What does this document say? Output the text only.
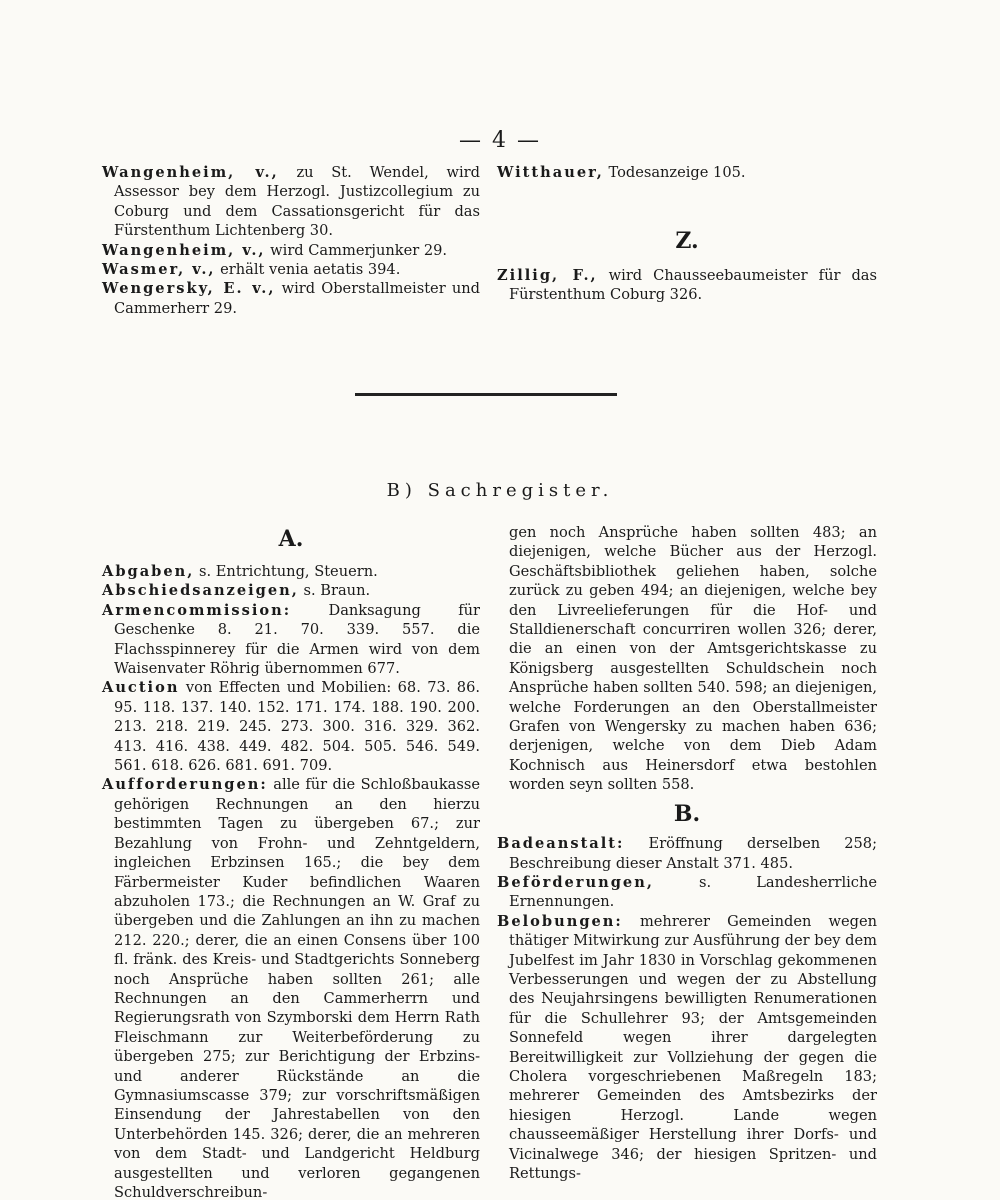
— 4 —

Wangenheim, v., zu St. Wendel, wird Assessor bey dem Herzogl. Justizcollegium zu Coburg und dem Cassationsgericht für das Fürstenthum Lichtenberg 30.

Wangenheim, v., wird Cammerjunker 29.

Wasmer, v., erhält venia aetatis 394.

Wengersky, E. v., wird Oberstallmeister und Cammerherr 29.

Witthauer, Todesanzeige 105.

Z.

Zillig, F., wird Chausseebaumeister für das Fürstenthum Coburg 326.

B) Sachregister.
A.

Abgaben, s. Entrichtung, Steuern.

Abschiedsanzeigen, s. Braun.

Armencommission: Danksagung für Geschenke 8. 21. 70. 339. 557. die Flachsspinnerey für die Armen wird von dem Waisenvater Röhrig übernommen 677.

Auction von Effecten und Mobilien: 68. 73. 86. 95. 118. 137. 140. 152. 171. 174. 188. 190. 200. 213. 218. 219. 245. 273. 300. 316. 329. 362. 413. 416. 438. 449. 482. 504. 505. 546. 549. 561. 618. 626. 681. 691. 709.

Aufforderungen: alle für die Schloßbaukasse gehörigen Rechnungen an den hierzu bestimmten Tagen zu übergeben 67.; zur Bezahlung von Frohn- und Zehntgeldern, ingleichen Erbzinsen 165.; die bey dem Färbermeister Kuder befindlichen Waaren abzuholen 173.; die Rechnungen an W. Graf zu übergeben und die Zahlungen an ihn zu machen 212. 220.; derer, die an einen Consens über 100 fl. fränk. des Kreis- und Stadtgerichts Sonneberg noch Ansprüche haben sollten 261; alle Rechnungen an den Cammerherrn und Regierungsrath von Szymborski dem Herrn Rath Fleischmann zur Weiterbeförderung zu übergeben 275; zur Berichtigung der Erbzins- und anderer Rückstände an die Gymnasiumscasse 379; zur vorschriftsmäßigen Einsendung der Jahrestabellen von den Unterbehörden 145. 326; derer, die an mehreren von dem Stadt- und Landgericht Heldburg ausgestellten und verloren gegangenen Schuldverschreibun-

gen noch Ansprüche haben sollten 483; an diejenigen, welche Bücher aus der Herzogl. Geschäftsbibliothek geliehen haben, solche zurück zu geben 494; an diejenigen, welche bey den Livreelieferungen für die Hof- und Stalldienerschaft concurriren wollen 326; derer, die an einen von der Amtsgerichtskasse zu Königsberg ausgestellten Schuldschein noch Ansprüche haben sollten 540. 598; an diejenigen, welche Forderungen an den Oberstallmeister Grafen von Wengersky zu machen haben 636; derjenigen, welche von dem Dieb Adam Kochnisch aus Heinersdorf etwa bestohlen worden seyn sollten 558.

B.

Badeanstalt: Eröffnung derselben 258; Beschreibung dieser Anstalt 371. 485.

Beförderungen, s. Landesherrliche Ernennungen.

Belobungen: mehrerer Gemeinden wegen thätiger Mitwirkung zur Ausführung der bey dem Jubelfest im Jahr 1830 in Vorschlag gekommenen Verbesserungen und wegen der zu Abstellung des Neujahrsingens bewilligten Renumerationen für die Schullehrer 93; der Amtsgemeinden Sonnefeld wegen ihrer dargelegten Bereitwilligkeit zur Vollziehung der gegen die Cholera vorgeschriebenen Maßregeln 183; mehrerer Gemeinden des Amtsbezirks der hiesigen Herzogl. Lande wegen chausseemäßiger Herstellung ihrer Dorfs- und Vicinalwege 346; der hiesigen Spritzen- und Rettungs-
